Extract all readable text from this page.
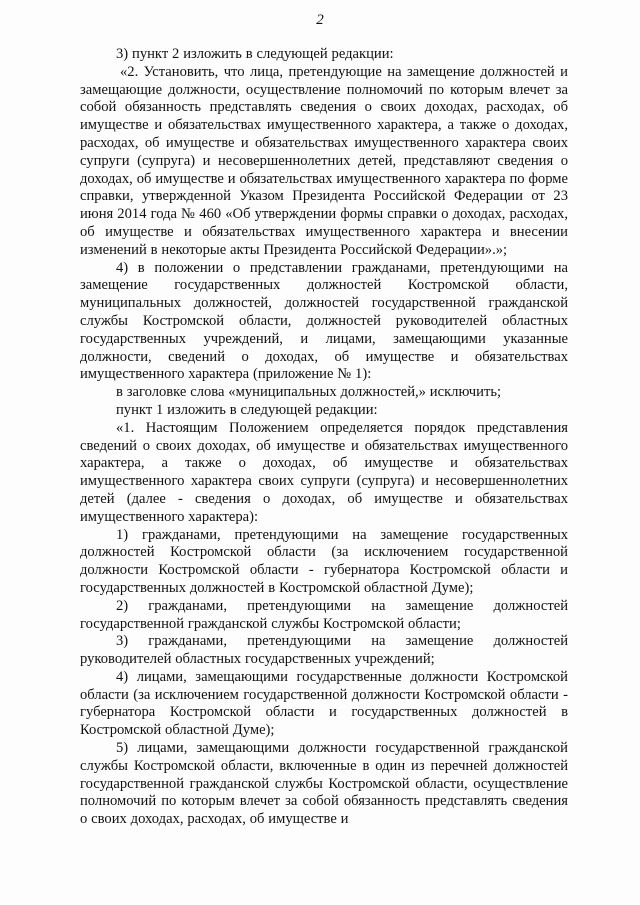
2

3) пункт 2 изложить в следующей редакции:

«2. Установить, что лица, претендующие на замещение должностей и замещающие должности, осуществление полномочий по которым влечет за собой обязанность представлять сведения о своих доходах, расходах, об имуществе и обязательствах имущественного характера, а также о доходах, расходах, об имуществе и обязательствах имущественного характера своих супруги (супруга) и несовершеннолетних детей, представляют сведения о доходах, об имуществе и обязательствах имущественного характера по форме справки, утвержденной Указом Президента Российской Федерации от 23 июня 2014 года № 460 «Об утверждении формы справки о доходах, расходах, об имуществе и обязательствах имущественного характера и внесении изменений в некоторые акты Президента Российской Федерации».»;

4) в положении о представлении гражданами, претендующими на замещение государственных должностей Костромской области, муниципальных должностей, должностей государственной гражданской службы Костромской области, должностей руководителей областных государственных учреждений, и лицами, замещающими указанные должности, сведений о доходах, об имуществе и обязательствах имущественного характера (приложение № 1):

в заголовке слова «муниципальных должностей,» исключить;

пункт 1 изложить в следующей редакции:

«1. Настоящим Положением определяется порядок представления сведений о своих доходах, об имуществе и обязательствах имущественного характера, а также о доходах, об имуществе и обязательствах имущественного характера своих супруги (супруга) и несовершеннолетних детей (далее - сведения о доходах, об имуществе и обязательствах имущественного характера):

1) гражданами, претендующими на замещение государственных должностей Костромской области (за исключением государственной должности Костромской области - губернатора Костромской области и государственных должностей в Костромской областной Думе);

2) гражданами, претендующими на замещение должностей государственной гражданской службы Костромской области;

3) гражданами, претендующими на замещение должностей руководителей областных государственных учреждений;

4) лицами, замещающими государственные должности Костромской области (за исключением государственной должности Костромской области - губернатора Костромской области и государственных должностей в Костромской областной Думе);

5) лицами, замещающими должности государственной гражданской службы Костромской области, включенные в один из перечней должностей государственной гражданской службы Костромской области, осуществление полномочий по которым влечет за собой обязанность представлять сведения о своих доходах, расходах, об имуществе и
